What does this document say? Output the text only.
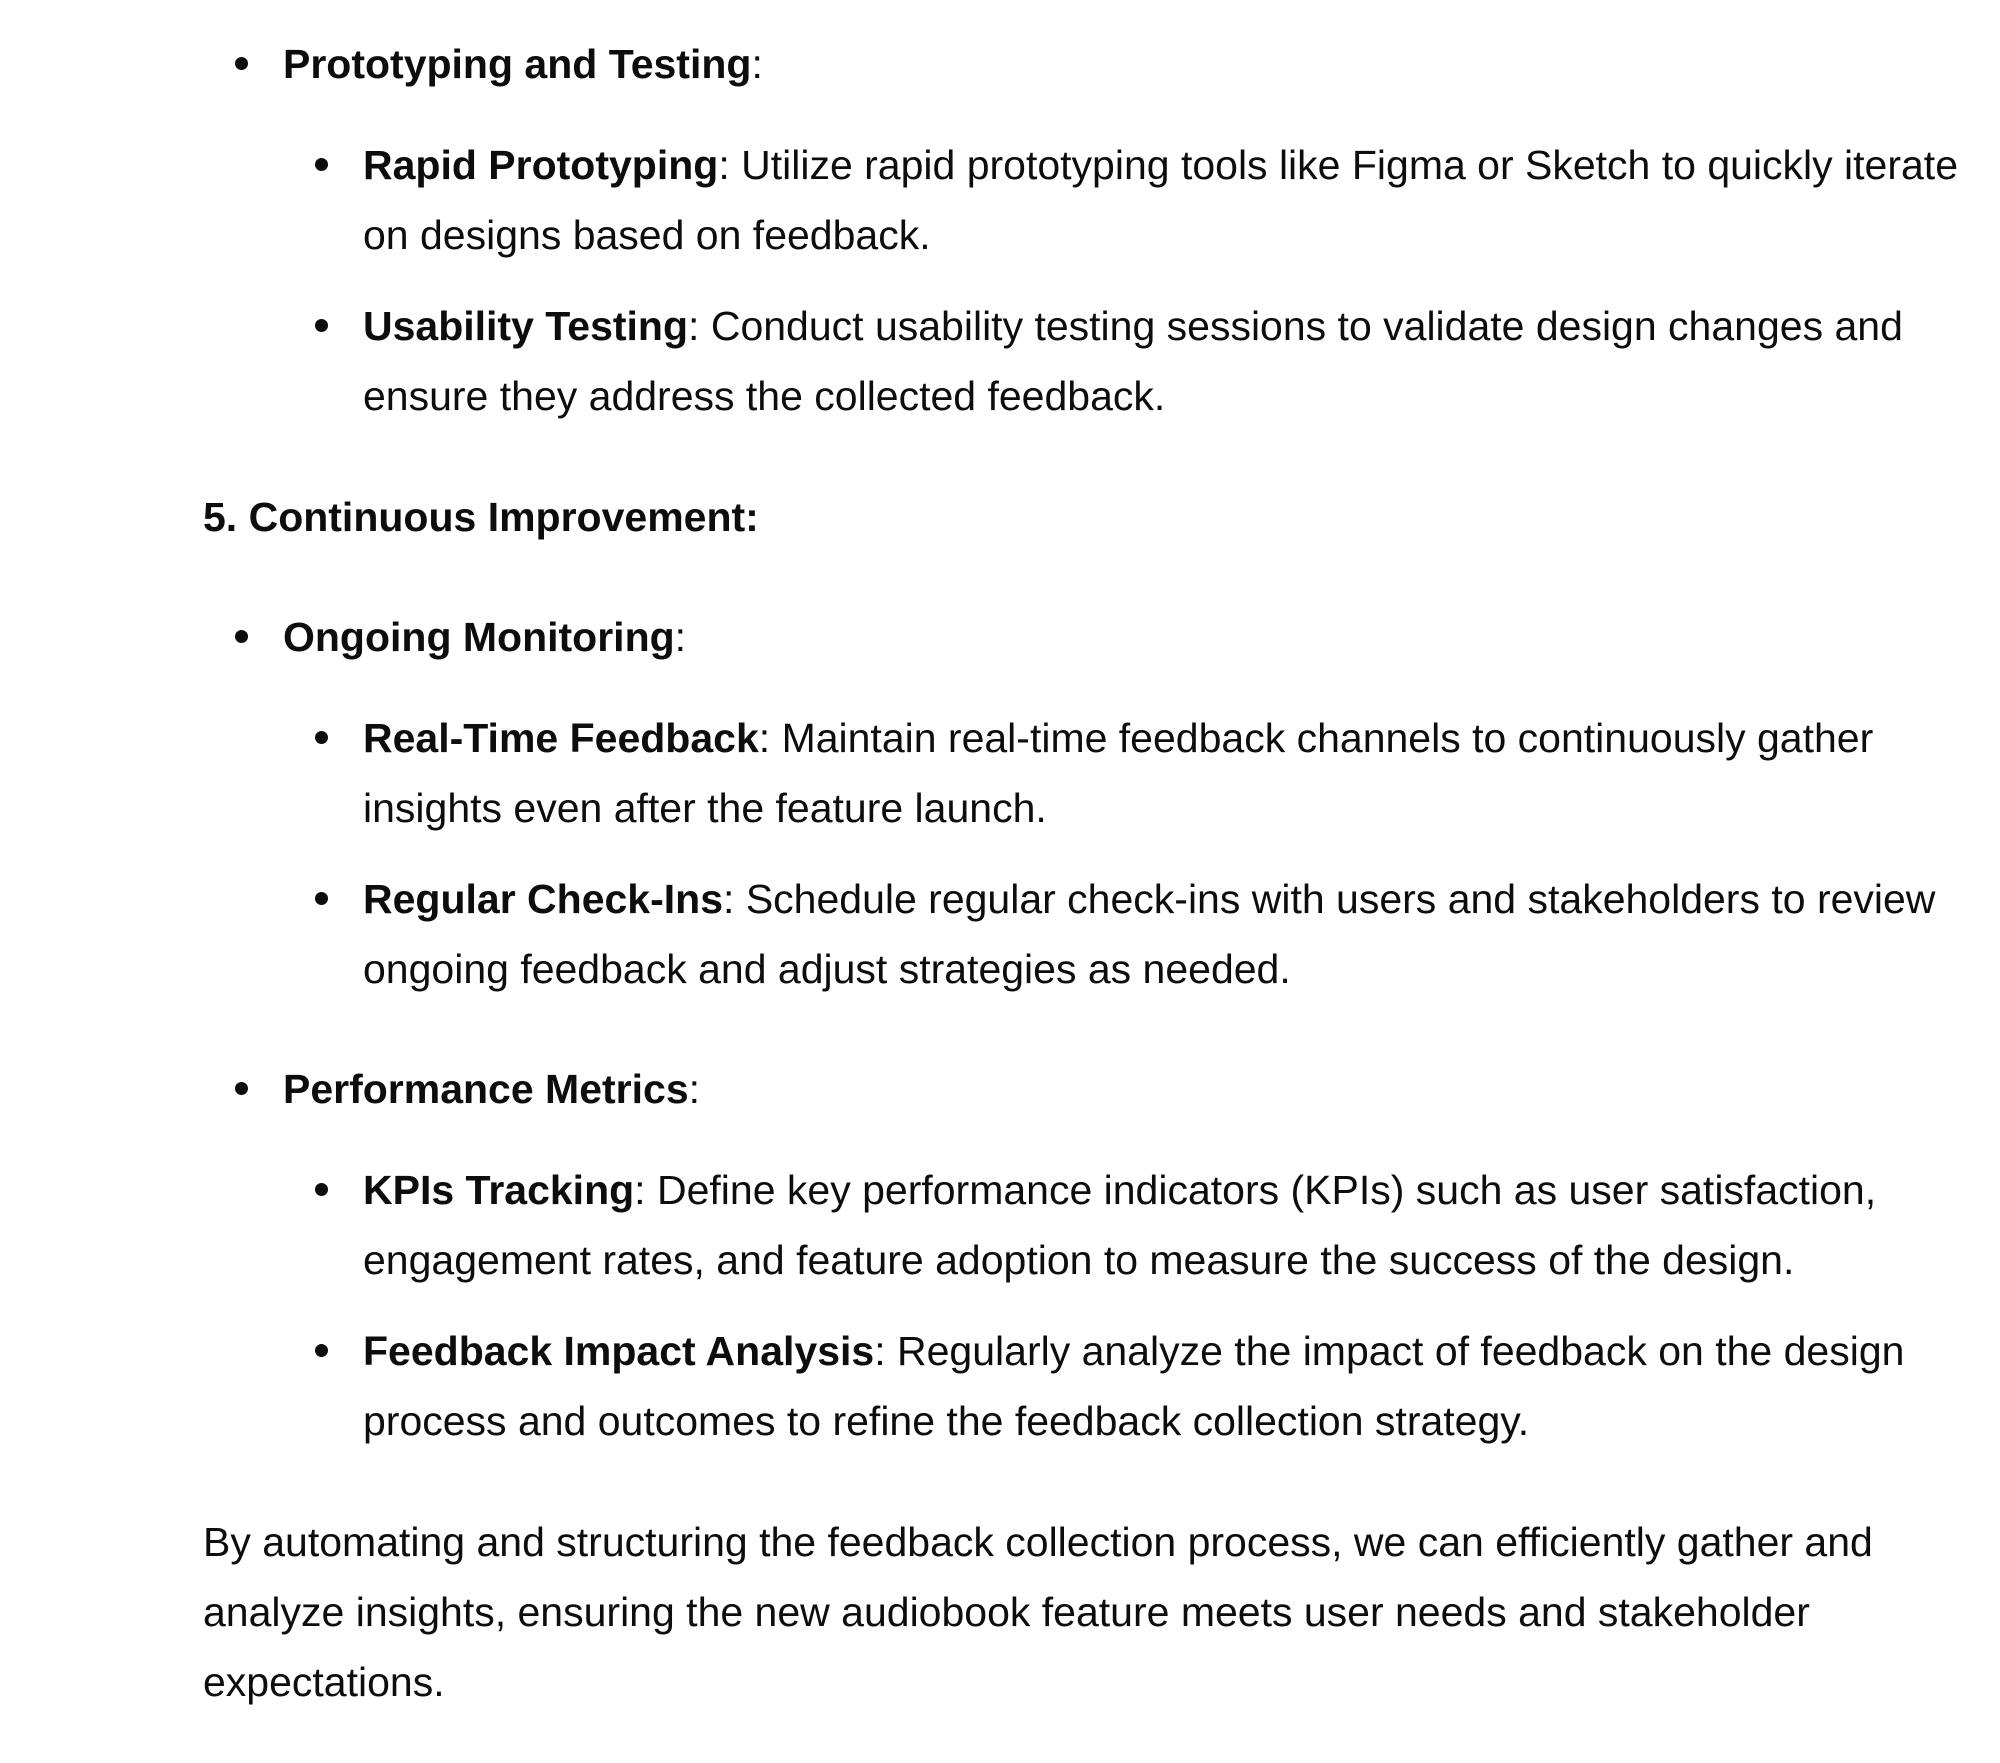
Prototyping and Testing:
Rapid Prototyping: Utilize rapid prototyping tools like Figma or Sketch to quickly iterate
on designs based on feedback.
Usability Testing: Conduct usability testing sessions to validate design changes and
ensure they address the collected feedback.
5. Continuous Improvement:
Ongoing Monitoring:
Real-Time Feedback: Maintain real-time feedback channels to continuously gather
insights even after the feature launch.
Regular Check-Ins: Schedule regular check-ins with users and stakeholders to review
ongoing feedback and adjust strategies as needed.
Performance Metrics:
KPIs Tracking: Define key performance indicators (KPIs) such as user satisfaction,
engagement rates, and feature adoption to measure the success of the design.
Feedback Impact Analysis: Regularly analyze the impact of feedback on the design
process and outcomes to refine the feedback collection strategy.
By automating and structuring the feedback collection process, we can efficiently gather and
analyze insights, ensuring the new audiobook feature meets user needs and stakeholder
expectations.
